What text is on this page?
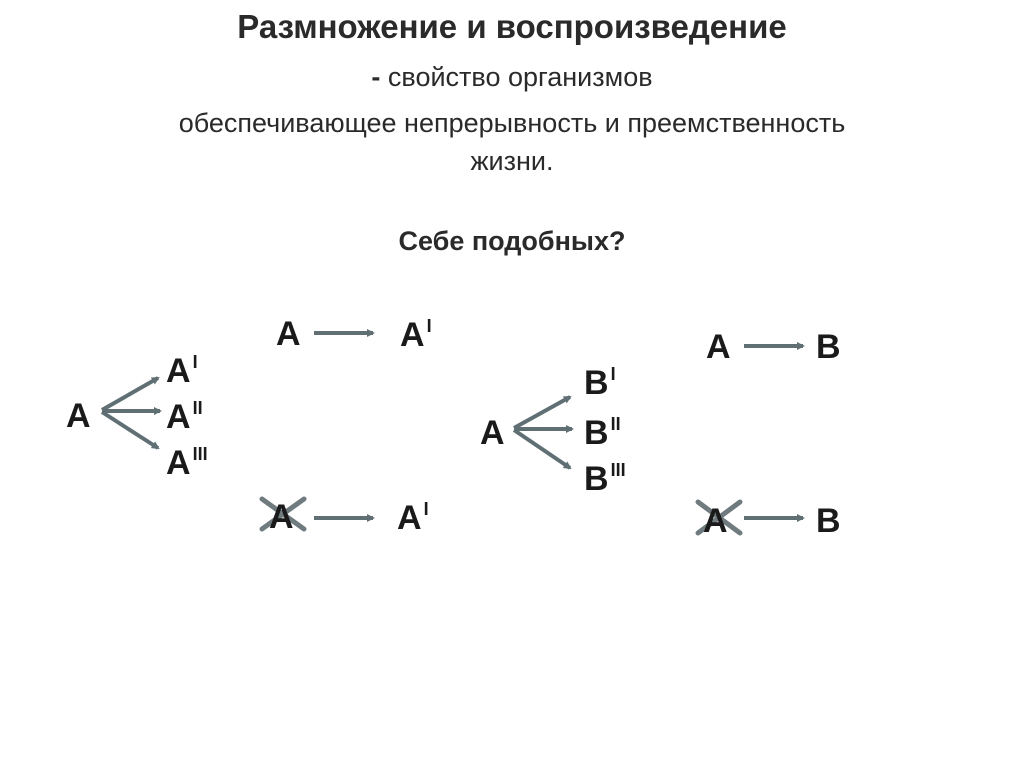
Размножение и воспроизведение
- свойство организмов
обеспечивающее непрерывность и преемственность
жизни.
Себе подобных?
A	A $^I$
A
A $^I$
A $^{II}$
A $^{III}$
A	A $^I$
A
B $^I$
B $^{II}$
B $^{III}$
A	B
A	B
